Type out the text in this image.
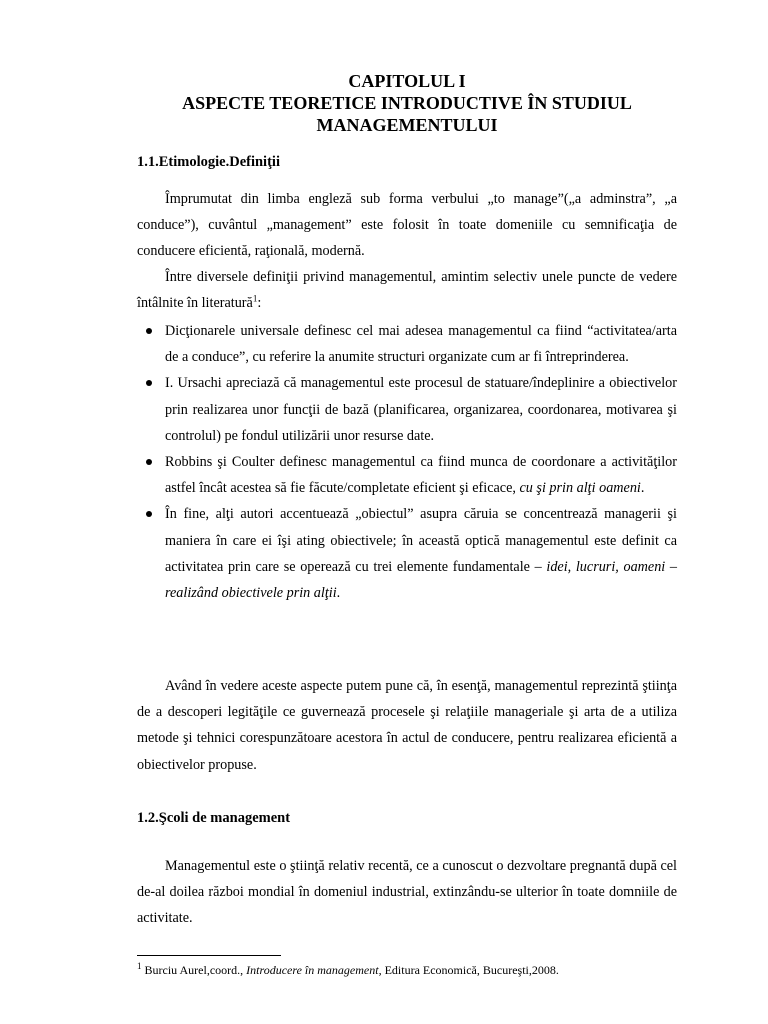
CAPITOLUL I
ASPECTE TEORETICE INTRODUCTIVE ÎN STUDIUL
MANAGEMENTULUI
1.1.Etimologie.Definiţii

Împrumutat din limba engleză sub forma verbului „to manage”(„a adminstra”, „a conduce”), cuvântul „management” este folosit în toate domeniile cu semnificaţia de conducere eficientă, raţională, modernă.

Între diversele definiţii privind managementul, amintim selectiv unele puncte de vedere întâlnite în literatură$^1$:

Dicţionarele universale definesc cel mai adesea managementul ca fiind “activitatea/arta de a conduce”, cu referire la anumite structuri organizate cum ar fi întreprinderea.
I. Ursachi apreciază că managementul este procesul de statuare/îndeplinire a obiectivelor prin realizarea unor funcţii de bază (planificarea, organizarea, coordonarea, motivarea şi controlul) pe fondul utilizării unor resurse date.
Robbins şi Coulter definesc managementul ca fiind munca de coordonare a activităţilor astfel încât acestea să fie făcute/completate eficient şi eficace, cu şi prin alţi oameni.
În fine, alţi autori accentuează „obiectul” asupra căruia se concentrează managerii şi maniera în care ei îşi ating obiectivele; în această optică managementul este definit ca activitatea prin care se operează cu trei elemente fundamentale – idei, lucruri, oameni – realizând obiectivele prin alţii.

Având în vedere aceste aspecte putem pune că, în esenţă, managementul reprezintă ştiinţa de a descoperi legităţile ce guvernează procesele şi relaţiile manageriale şi arta de a utiliza metode şi tehnici corespunzătoare acestora în actul de conducere, pentru realizarea eficientă a obiectivelor propuse.

1.2.Şcoli de management

Managementul este o ştiinţă relativ recentă, ce a cunoscut o dezvoltare pregnantă după cel de-al doilea război mondial în domeniul industrial, extinzându-se ulterior în toate domniile de activitate.

$^1$ Burciu Aurel,coord., Introducere în management, Editura Economică, Bucureşti,2008.
